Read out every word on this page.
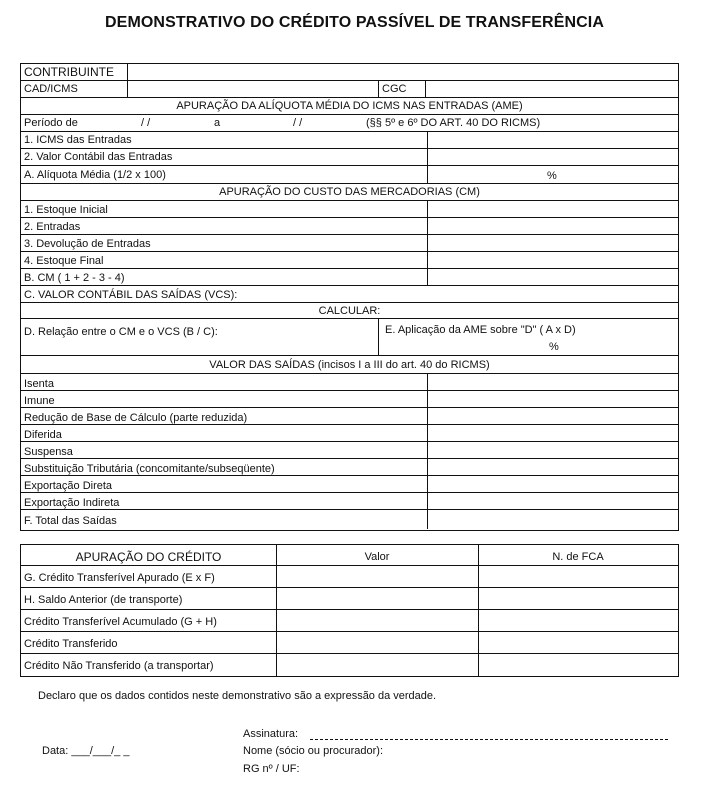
DEMONSTRATIVO DO CRÉDITO PASSÍVEL DE TRANSFERÊNCIA
CONTRIBUINTE
CAD/ICMS	CGC
APURAÇÃO DA ALÍQUOTA MÉDIA DO ICMS NAS ENTRADAS (AME)
Período de	/ /	a	/ /	(§§ 5º e 6º DO ART. 40 DO RICMS)
1. ICMS das Entradas
2. Valor Contábil das Entradas
A. Alíquota Média (1/2 x 100)	%
APURAÇÃO DO CUSTO DAS MERCADORIAS (CM)
1. Estoque Inicial
2. Entradas
3. Devolução de Entradas
4. Estoque Final
B. CM ( 1 + 2 - 3 - 4)
C. VALOR CONTÁBIL DAS SAÍDAS (VCS):
CALCULAR:
D. Relação entre o CM e o VCS (B / C):	E. Aplicação da AME sobre "D" ( A x D)
%
VALOR DAS SAÍDAS (incisos I a III do art. 40 do RICMS)
Isenta
Imune
Redução de Base de Cálculo (parte reduzida)
Diferida
Suspensa
Substituição Tributária (concomitante/subseqüente)
Exportação Direta
Exportação Indireta
F. Total das Saídas
APURAÇÃO DO CRÉDITO	Valor	N. de FCA
G. Crédito Transferível Apurado (E x F)
H. Saldo Anterior (de transporte)
Crédito Transferível Acumulado (G + H)
Crédito Transferido
Crédito Não Transferido (a transportar)
Declaro que os dados contidos neste demonstrativo são a expressão da verdade.
Assinatura:
Data: ___/___/_ _	Nome (sócio ou procurador):
RG nº / UF:
